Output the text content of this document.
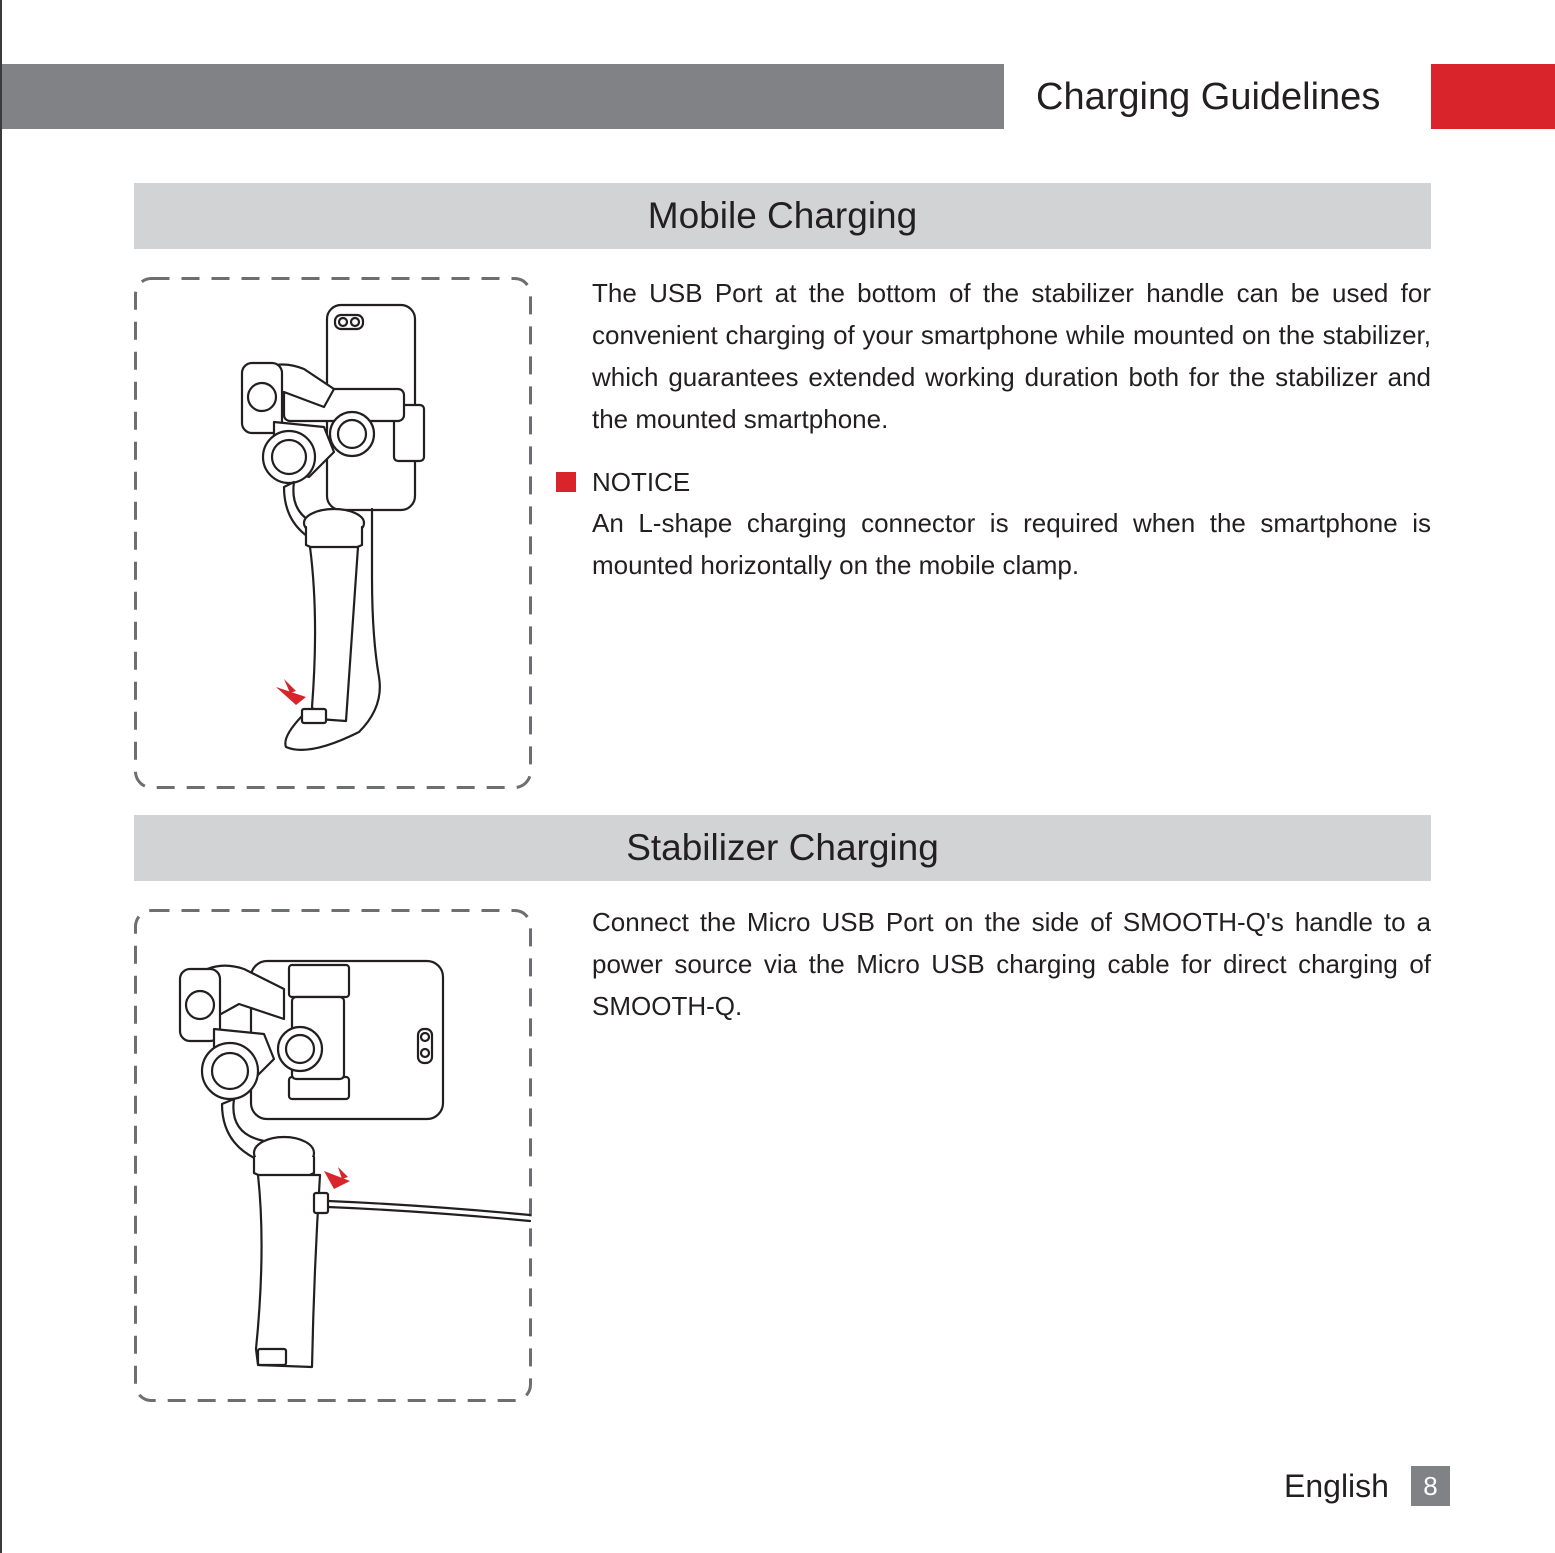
Charging Guidelines
Mobile Charging

The USB Port at the bottom of the stabilizer handle can be used for convenient charging of your smartphone while mounted on the stabilizer, which guarantees extended working duration both for the stabilizer and the mounted smartphone.

NOTICE

An L-shape charging connector is required when the smartphone is mounted horizontally on the mobile clamp.

Stabilizer Charging

Connect the Micro USB Port on the side of SMOOTH-Q's handle to a power source via the Micro USB charging cable for direct charging of SMOOTH-Q.

English	8
